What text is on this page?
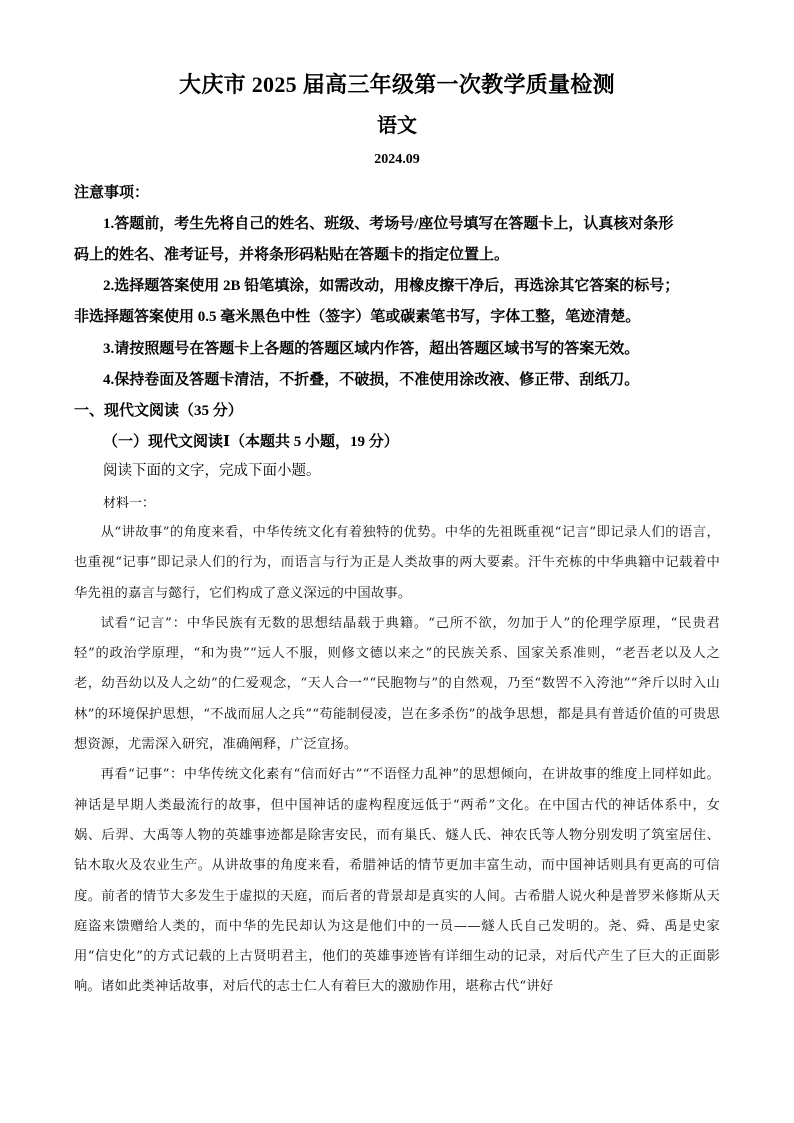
大庆市 2025 届高三年级第一次教学质量检测
语文
2024.09
注意事项：
1.答题前，考生先将自己的姓名、班级、考场号/座位号填写在答题卡上，认真核对条形
码上的姓名、准考证号，并将条形码粘贴在答题卡的指定位置上。
2.选择题答案使用 2B 铅笔填涂，如需改动，用橡皮擦干净后，再选涂其它答案的标号；
非选择题答案使用 0.5 毫米黑色中性（签字）笔或碳素笔书写，字体工整，笔迹清楚。
3.请按照题号在答题卡上各题的答题区域内作答，超出答题区域书写的答案无效。
4.保持卷面及答题卡清洁，不折叠，不破损，不准使用涂改液、修正带、刮纸刀。
一、现代文阅读（35 分）
（一）现代文阅读Ⅰ（本题共 5 小题，19 分）
阅读下面的文字，完成下面小题。
材料一：

从“讲故事”的角度来看，中华传统文化有着独特的优势。中华的先祖既重视“记言”即记录人们的语言，也重视“记事”即记录人们的行为，而语言与行为正是人类故事的两大要素。汗牛充栋的中华典籍中记载着中华先祖的嘉言与懿行，它们构成了意义深远的中国故事。

试看“记言”：中华民族有无数的思想结晶载于典籍。“己所不欲，勿加于人”的伦理学原理，“民贵君轻”的政治学原理，“和为贵”“远人不服，则修文德以来之”的民族关系、国家关系准则，“老吾老以及人之老，幼吾幼以及人之幼”的仁爱观念，“天人合一”“民胞物与”的自然观，乃至“数罟不入洿池”“斧斤以时入山林”的环境保护思想，“不战而屈人之兵”“苟能制侵凌，岂在多杀伤”的战争思想，都是具有普适价值的可贵思想资源，尤需深入研究，准确阐释，广泛宣扬。

再看“记事”：中华传统文化素有“信而好古”“不语怪力乱神”的思想倾向，在讲故事的维度上同样如此。神话是早期人类最流行的故事，但中国神话的虚构程度远低于“两希”文化。在中国古代的神话体系中，女娲、后羿、大禹等人物的英雄事迹都是除害安民，而有巢氏、燧人氏、神农氏等人物分别发明了筑室居住、钻木取火及农业生产。从讲故事的角度来看，希腊神话的情节更加丰富生动，而中国神话则具有更高的可信度。前者的情节大多发生于虚拟的天庭，而后者的背景却是真实的人间。古希腊人说火种是普罗米修斯从天庭盗来馈赠给人类的，而中华的先民却认为这是他们中的一员——燧人氏自己发明的。尧、舜、禹是史家用“信史化”的方式记载的上古贤明君主，他们的英雄事迹皆有详细生动的记录，对后代产生了巨大的正面影响。诸如此类神话故事，对后代的志士仁人有着巨大的激励作用，堪称古代“讲好
